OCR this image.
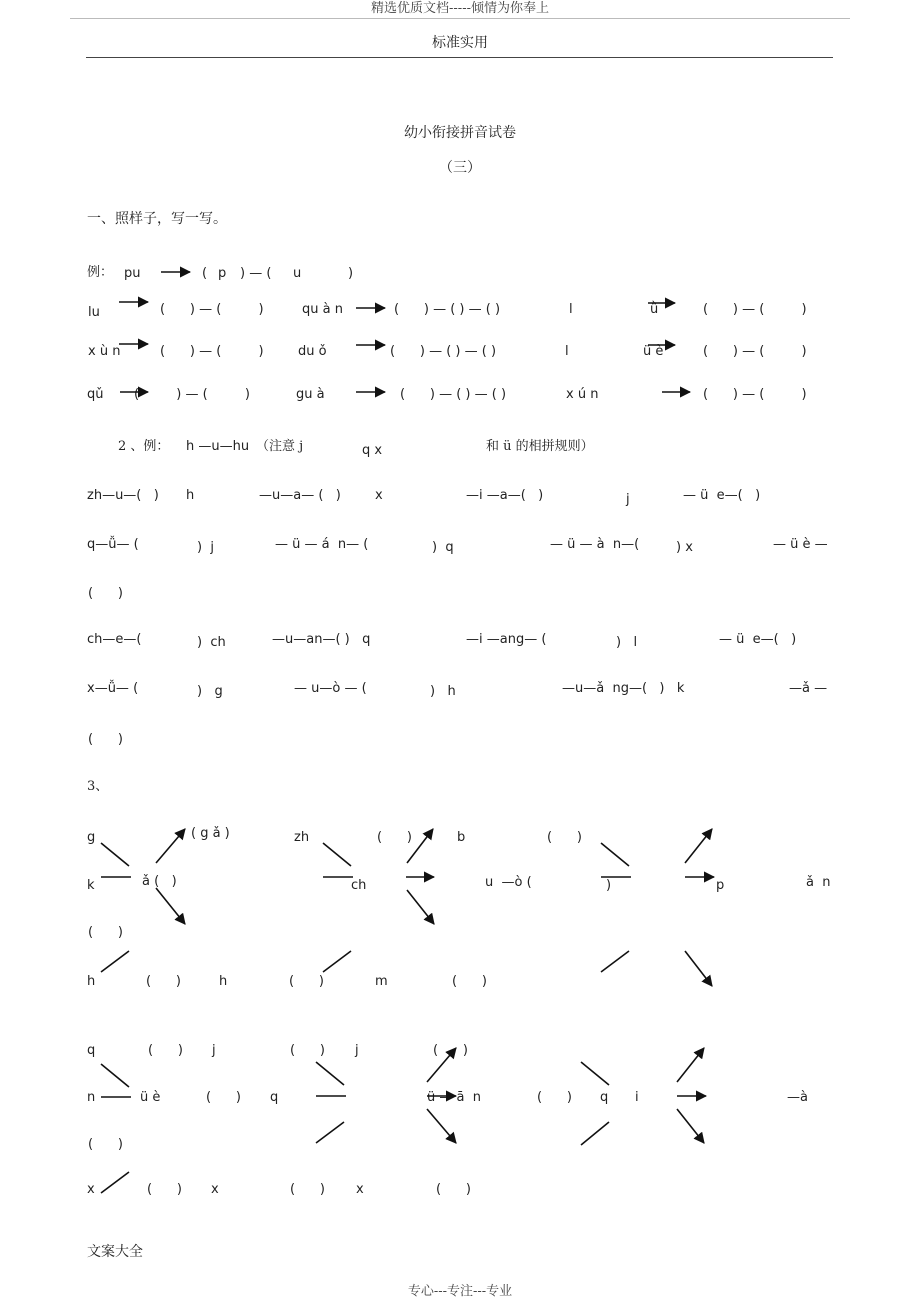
精选优质文档-----倾情为你奉上
标准实用
幼小衔接拼音试卷
（三）
一、照样子，写一写。
例： pu	( p ) — ( u	)
lu	(      ) — (         )	qu à n	(      ) — ( ) — ( )	l	ǜ	(      ) — (         )
x ù n	(      ) — (         )	du ǒ	(      ) — ( ) — ( )	l	ü è	(      ) — (         )
qǔ (         ) — (         )	gu à	(      ) — ( ) — ( )	x ú n	(      ) — (         )
2 、例： h —u—hu （注意 j	q x	和 ü 的相拼规则）
zh—u—(   ) h	—u—a— (   )	x	—i —a—(   )	j	— ü  e—(   )
q—ǚ— (	)  j	— ü — á  n— (	)  q	— ü — à  n—(	) x	— ü è —
(      )
ch—e—(	)  ch	—u—an—( )   q	—i —ang— (	)   l	— ü  e—(   )
x—ǚ— (	)   g	— u—ò — (	)   h	—u—ǎ  ng—(   )   k	—ǎ —
(      )
3、
g	( g ǎ )
k	ǎ (   )
(      )
h	(      )
zh	(      )
ch
h	(      )
b	(      )
u  —ò (	)
m	(      )
p	ǎ  n
q	(      )
n	ü è	(      )
(      )
x	(      )
j	(      )
q
x	(      )
j	(      )
ü — ā  n
x	(      )
(      ) q i	—à
文案大全
专心---专注---专业
